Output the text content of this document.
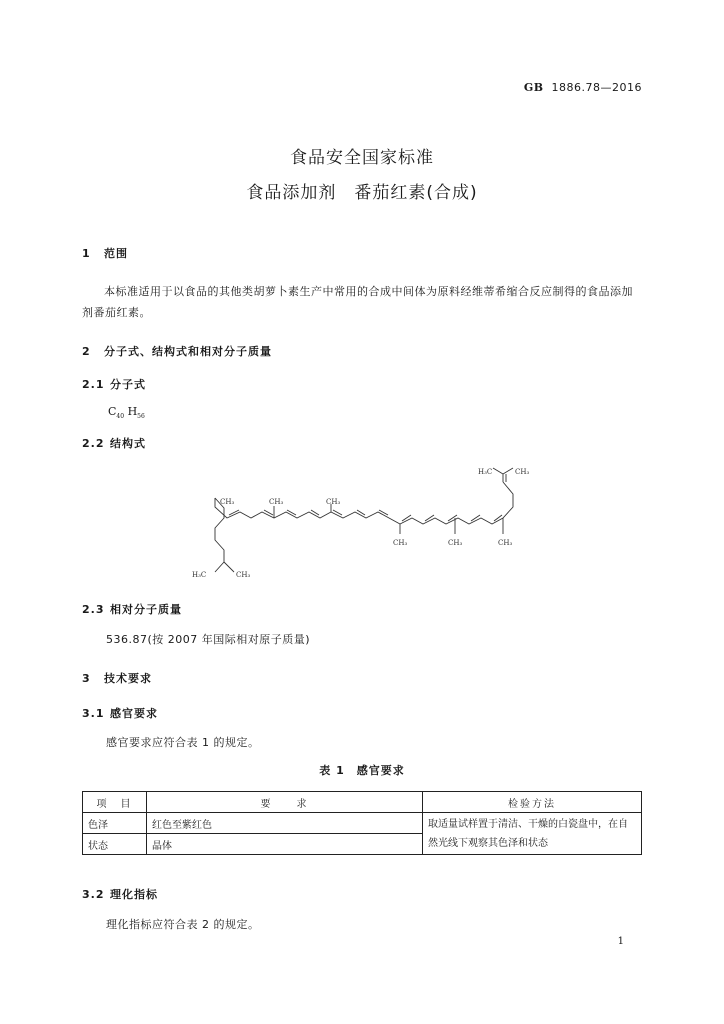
GB 1886.78—2016
食品安全国家标准
食品添加剂　番茄红素(合成)
1 范围
本标准适用于以食品的其他类胡萝卜素生产中常用的合成中间体为原料经维蒂希缩合反应制得的食品添加剂番茄红素。
2 分子式、结构式和相对分子质量
2.1 分子式
$C_{40}$ $H_{56}$
2.2 结构式
CH₃	CH₃	CH₃
CH₃	CH₃	CH₃
H₃C	CH₃
H₃C	CH₃
2.3 相对分子质量
536.87(按 2007 年国际相对原子质量)
3 技术要求
3.1 感官要求
感官要求应符合表 1 的规定。
表 1　感官要求
项　目	要　　求	检验方法
色泽	红色至紫红色	取适量试样置于清洁、干燥的白瓷盘中，在自然光线下观察其色泽和状态
状态	晶体	
3.2 理化指标
理化指标应符合表 2 的规定。
1
